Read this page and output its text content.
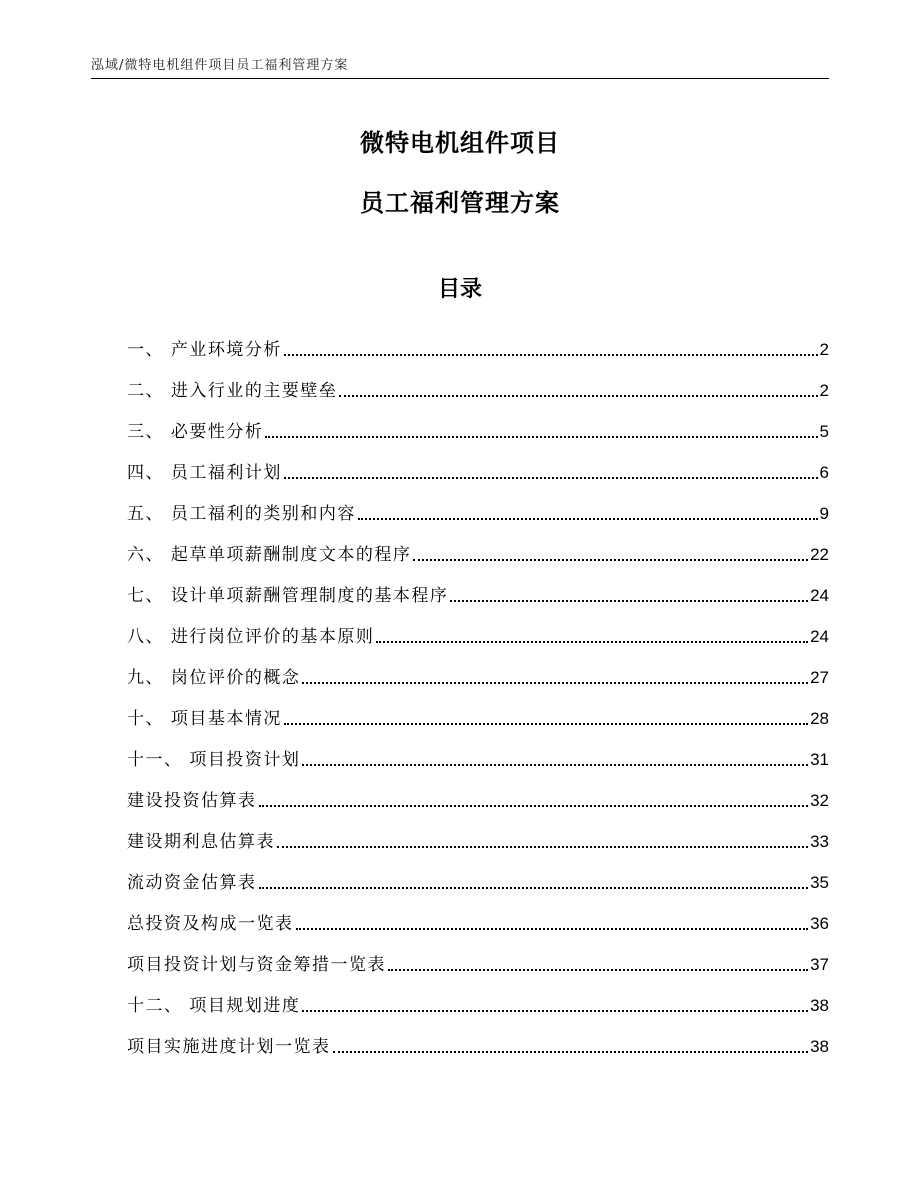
泓域/微特电机组件项目员工福利管理方案
微特电机组件项目
员工福利管理方案
目录
一、 产业环境分析	2
二、 进入行业的主要壁垒	2
三、 必要性分析	5
四、 员工福利计划	6
五、 员工福利的类别和内容	9
六、 起草单项薪酬制度文本的程序	22
七、 设计单项薪酬管理制度的基本程序	24
八、 进行岗位评价的基本原则	24
九、 岗位评价的概念	27
十、 项目基本情况	28
十一、 项目投资计划	31
建设投资估算表	32
建设期利息估算表	33
流动资金估算表	35
总投资及构成一览表	36
项目投资计划与资金筹措一览表	37
十二、 项目规划进度	38
项目实施进度计划一览表	38
